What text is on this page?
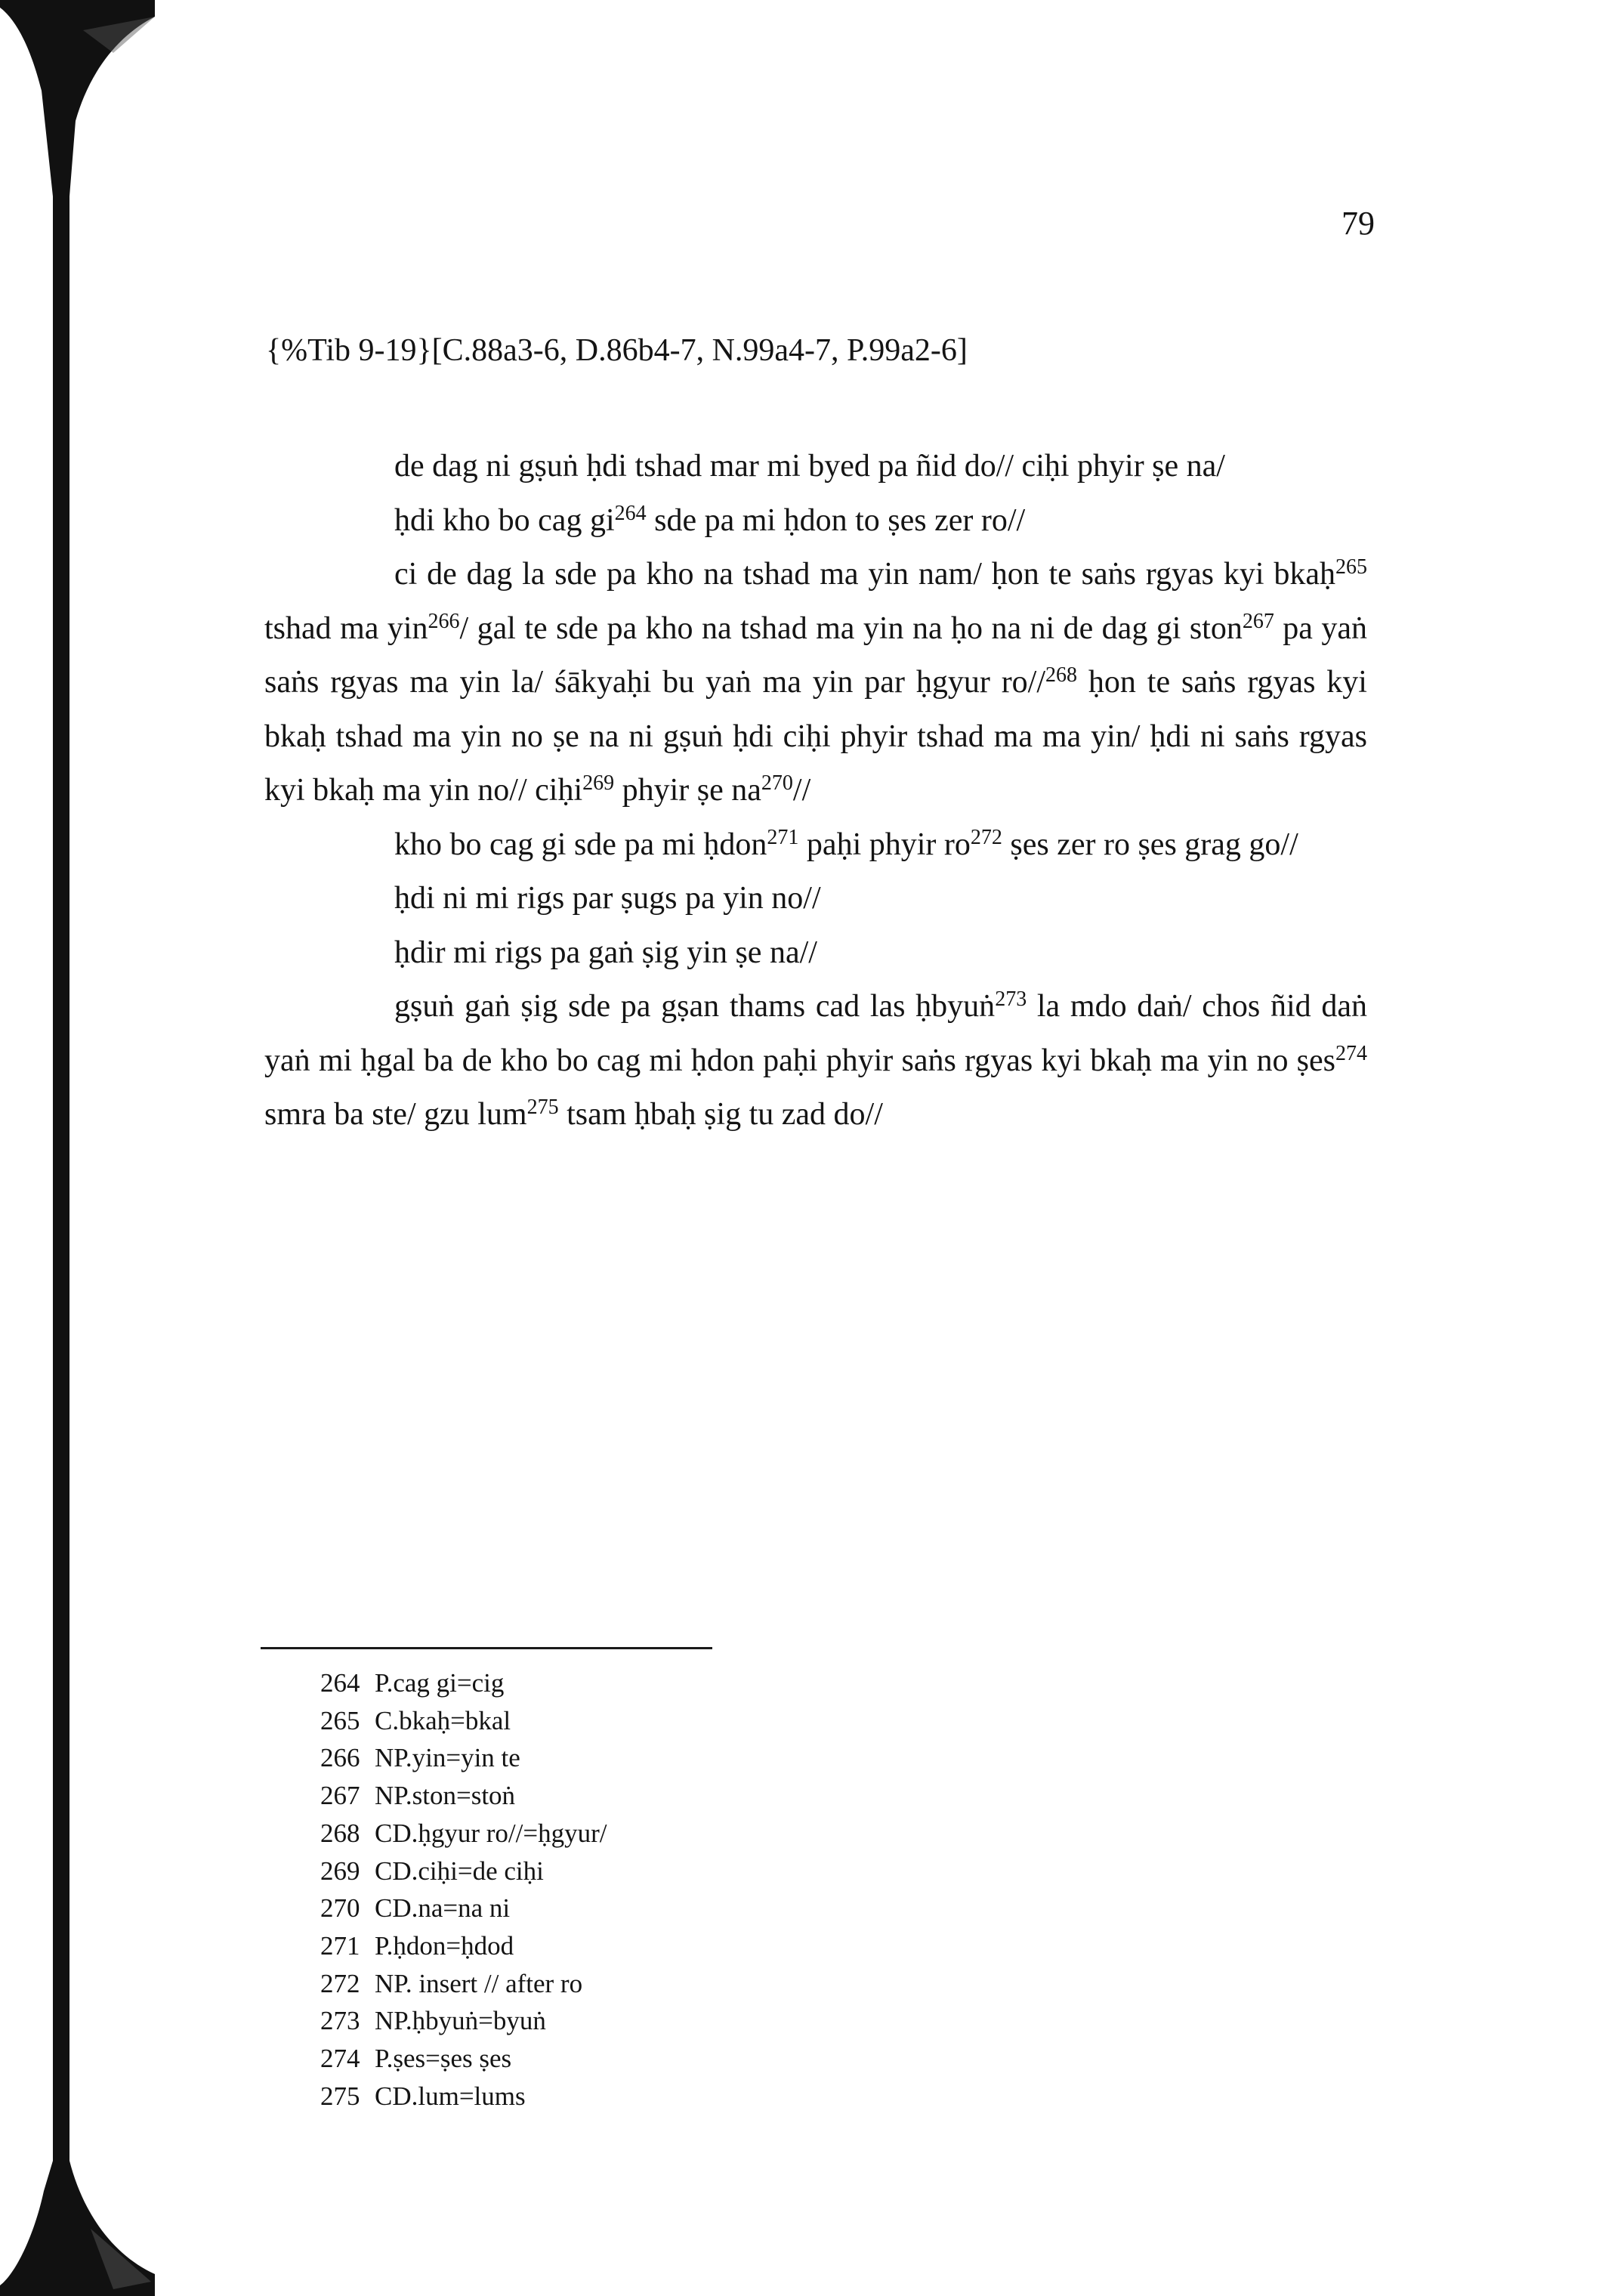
79
{%Tib 9-19}[C.88a3-6, D.86b4-7, N.99a4-7, P.99a2-6]

de dag ni gṣuṅ ḥdi tshad mar mi byed pa ñid do// ciḥi phyir ṣe na/

ḥdi kho bo cag $gi^{264}$ sde pa mi ḥdon to ṣes zer ro//

ci de dag la sde pa kho na tshad ma yin nam/ ḥon te saṅs rgyas kyi bkaḥ$^{265}$ tshad ma yin$^{266}$/ gal te sde pa kho na tshad ma yin na ḥo na ni de dag gi ston$^{267}$ pa yaṅ saṅs rgyas ma yin la/ śākyaḥi bu yaṅ ma yin par ḥgyur ro//$^{268}$ ḥon te saṅs rgyas kyi bkaḥ tshad ma yin no ṣe na ni gṣuṅ ḥdi ciḥi phyir tshad ma ma yin/ ḥdi ni saṅs rgyas kyi bkaḥ ma yin no// ciḥi$^{269}$ phyir ṣe $na^{270}//$

kho bo cag gi sde pa mi ḥdon$^{271}$ paḥi phyir $ro^{272}$ ṣes zer ro ṣes grag go//

ḥdi ni mi rigs par ṣugs pa yin no//

ḥdir mi rigs pa gaṅ ṣig yin ṣe na//

gṣuṅ gaṅ ṣig sde pa gṣan thams cad las ḥbyuṅ$^{273}$ la mdo daṅ/ chos ñid daṅ yaṅ mi ḥgal ba de kho bo cag mi ḥdon paḥi phyir saṅs rgyas kyi bkaḥ ma yin no ṣes$^{274}$ smra ba ste/ gzu lum$^{275}$ tsam ḥbaḥ ṣig tu zad do//

264 P.cag gi=cig
265 C.bkaḥ=bkal
266 NP.yin=yin te
267 NP.ston=stoṅ
268 CD.ḥgyur ro//=ḥgyur/
269 CD.ciḥi=de ciḥi
270 CD.na=na ni
271 P.ḥdon=ḥdod
272 NP. insert // after ro
273 NP.ḥbyuṅ=byuṅ
274 P.ṣes=ṣes ṣes
275 CD.lum=lums
